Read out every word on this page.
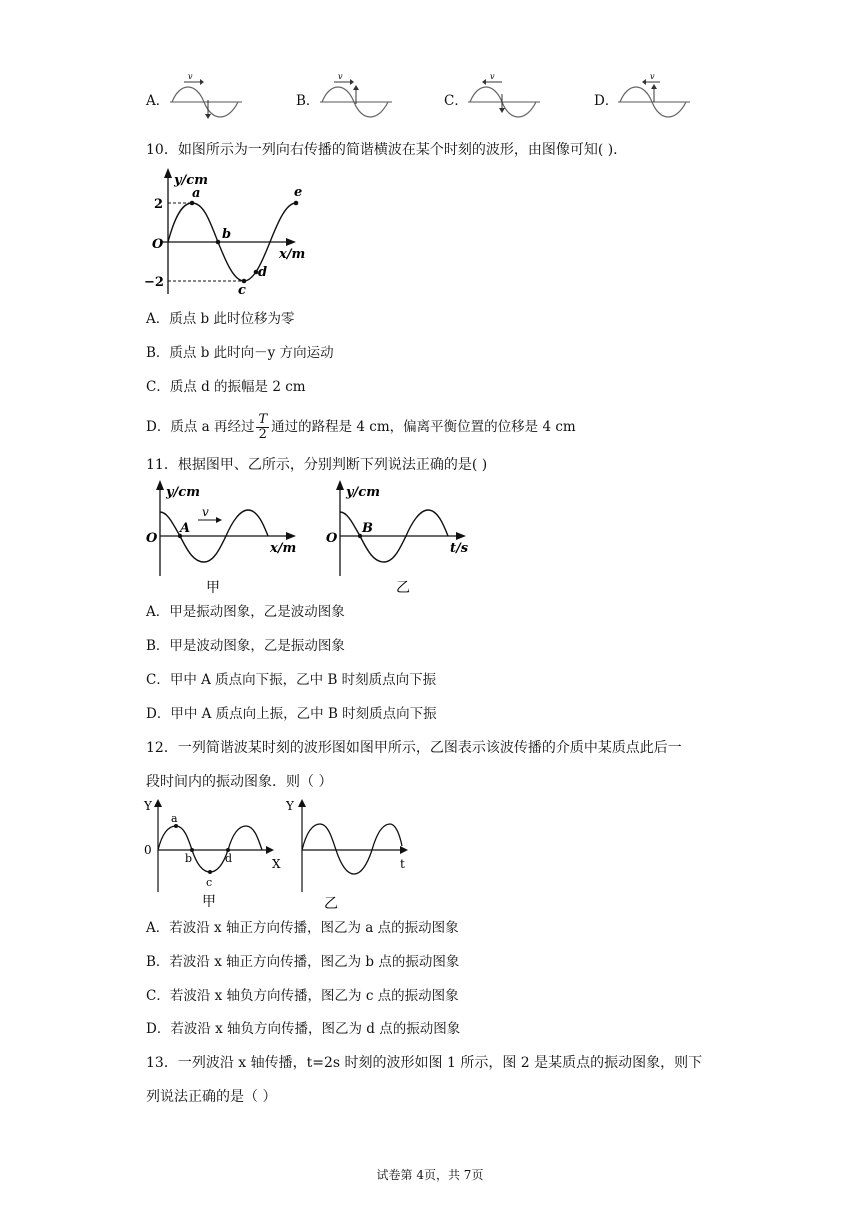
A．
v
B．
v
C．
v
D．
v
10．如图所示为一列向右传播的简谐横波在某个时刻的波形，由图像可知( ).
y/cm
x/m
O
2
−2
a
b
c
d
e
A．质点 b 此时位移为零
B．质点 b 此时向－y 方向运动
C．质点 d 的振幅是 2 cm
D．质点 a 再经过 $\frac{T}{2}$ 通过的路程是 4 cm，偏离平衡位置的位移是 4 cm
11．根据图甲、乙所示，分别判断下列说法正确的是( )
y/cm
x/m
O
A
v
甲
y/cm
t/s
O
B
乙
A．甲是振动图象，乙是波动图象
B．甲是波动图象，乙是振动图象
C．甲中 A 质点向下振，乙中 B 时刻质点向下振
D．甲中 A 质点向上振，乙中 B 时刻质点向下振
12．一列简谐波某时刻的波形图如图甲所示，乙图表示该波传播的介质中某质点此后一
段时间内的振动图象．则（ ）
Y
X
0
a
b
c
d
甲
Y
t
乙
A．若波沿 x 轴正方向传播，图乙为 a 点的振动图象
B．若波沿 x 轴正方向传播，图乙为 b 点的振动图象
C．若波沿 x 轴负方向传播，图乙为 c 点的振动图象
D．若波沿 x 轴负方向传播，图乙为 d 点的振动图象
13．一列波沿 x 轴传播，t=2s 时刻的波形如图 1 所示，图 2 是某质点的振动图象，则下
列说法正确的是（ ）
试卷第 4页，共 7页
